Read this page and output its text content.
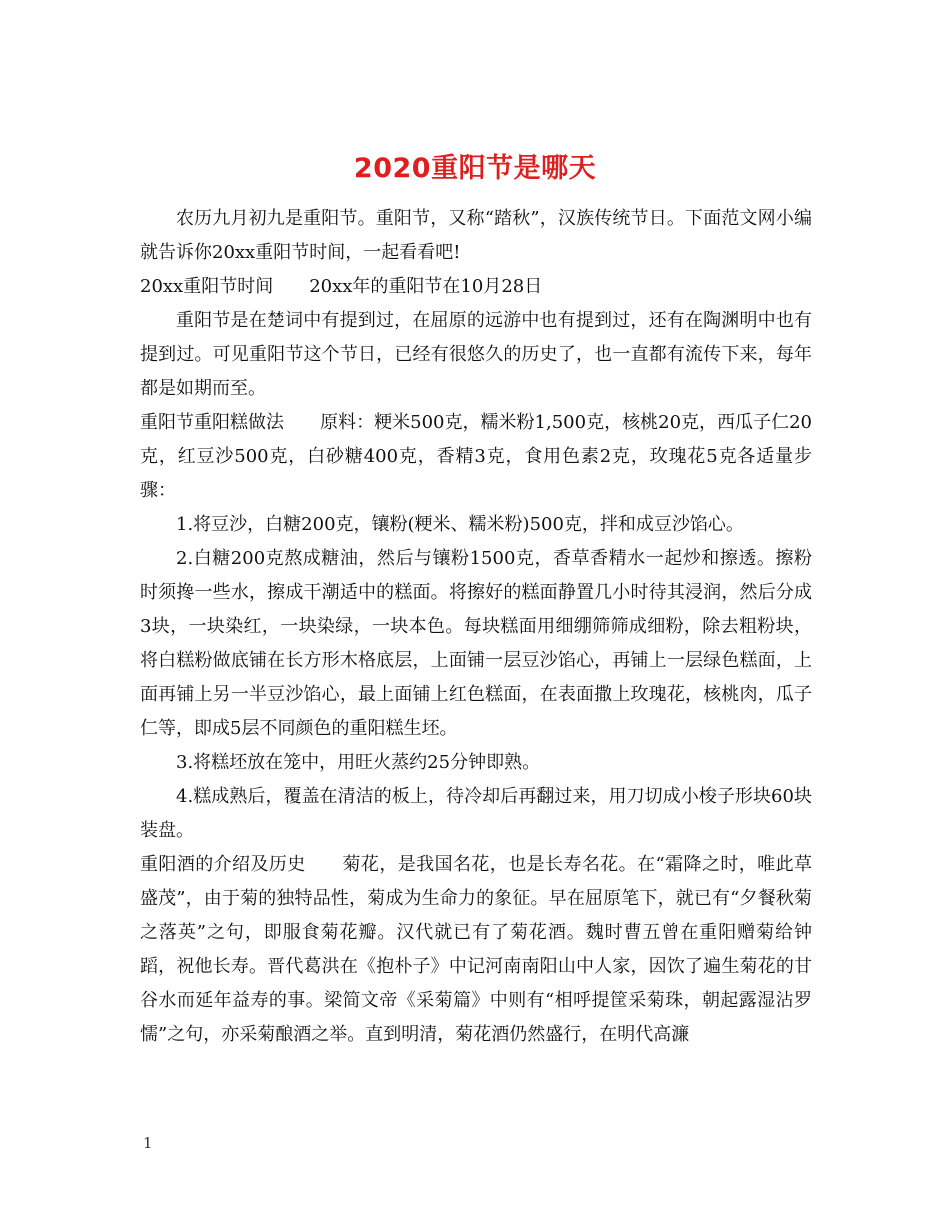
2020重阳节是哪天

农历九月初九是重阳节。重阳节，又称“踏秋”，汉族传统节日。下面范文网小编就告诉你20xx重阳节时间，一起看看吧!

20xx重阳节时间　　20xx年的重阳节在10月28日

重阳节是在楚词中有提到过，在屈原的远游中也有提到过，还有在陶渊明中也有提到过。可见重阳节这个节日，已经有很悠久的历史了，也一直都有流传下来，每年都是如期而至。

重阳节重阳糕做法　　原料：粳米500克，糯米粉1,500克，核桃20克，西瓜子仁20克，红豆沙500克，白砂糖400克，香精3克，食用色素2克，玫瑰花5克各适量步骤：

1.将豆沙，白糖200克，镶粉(粳米、糯米粉)500克，拌和成豆沙馅心。

2.白糖200克熬成糖油，然后与镶粉1500克，香草香精水一起炒和擦透。擦粉时须搀一些水，擦成干潮适中的糕面。将擦好的糕面静置几小时待其浸润，然后分成3块，一块染红，一块染绿，一块本色。每块糕面用细绷筛筛成细粉，除去粗粉块，将白糕粉做底铺在长方形木格底层，上面铺一层豆沙馅心，再铺上一层绿色糕面，上面再铺上另一半豆沙馅心，最上面铺上红色糕面，在表面撒上玫瑰花，核桃肉，瓜子仁等，即成5层不同颜色的重阳糕生坯。

3.将糕坯放在笼中，用旺火蒸约25分钟即熟。

4.糕成熟后，覆盖在清洁的板上，待冷却后再翻过来，用刀切成小梭子形块60块装盘。

重阳酒的介绍及历史　　菊花，是我国名花，也是长寿名花。在“霜降之时，唯此草盛茂”，由于菊的独特品性，菊成为生命力的象征。早在屈原笔下，就已有“夕餐秋菊之落英”之句，即服食菊花瓣。汉代就已有了菊花酒。魏时曹五曾在重阳赠菊给钟蹈，祝他长寿。晋代葛洪在《抱朴子》中记河南南阳山中人家，因饮了遍生菊花的甘谷水而延年益寿的事。梁简文帝《采菊篇》中则有“相呼提筐采菊珠，朝起露湿沾罗懦”之句，亦采菊酿酒之举。直到明清，菊花酒仍然盛行，在明代高濂

1
